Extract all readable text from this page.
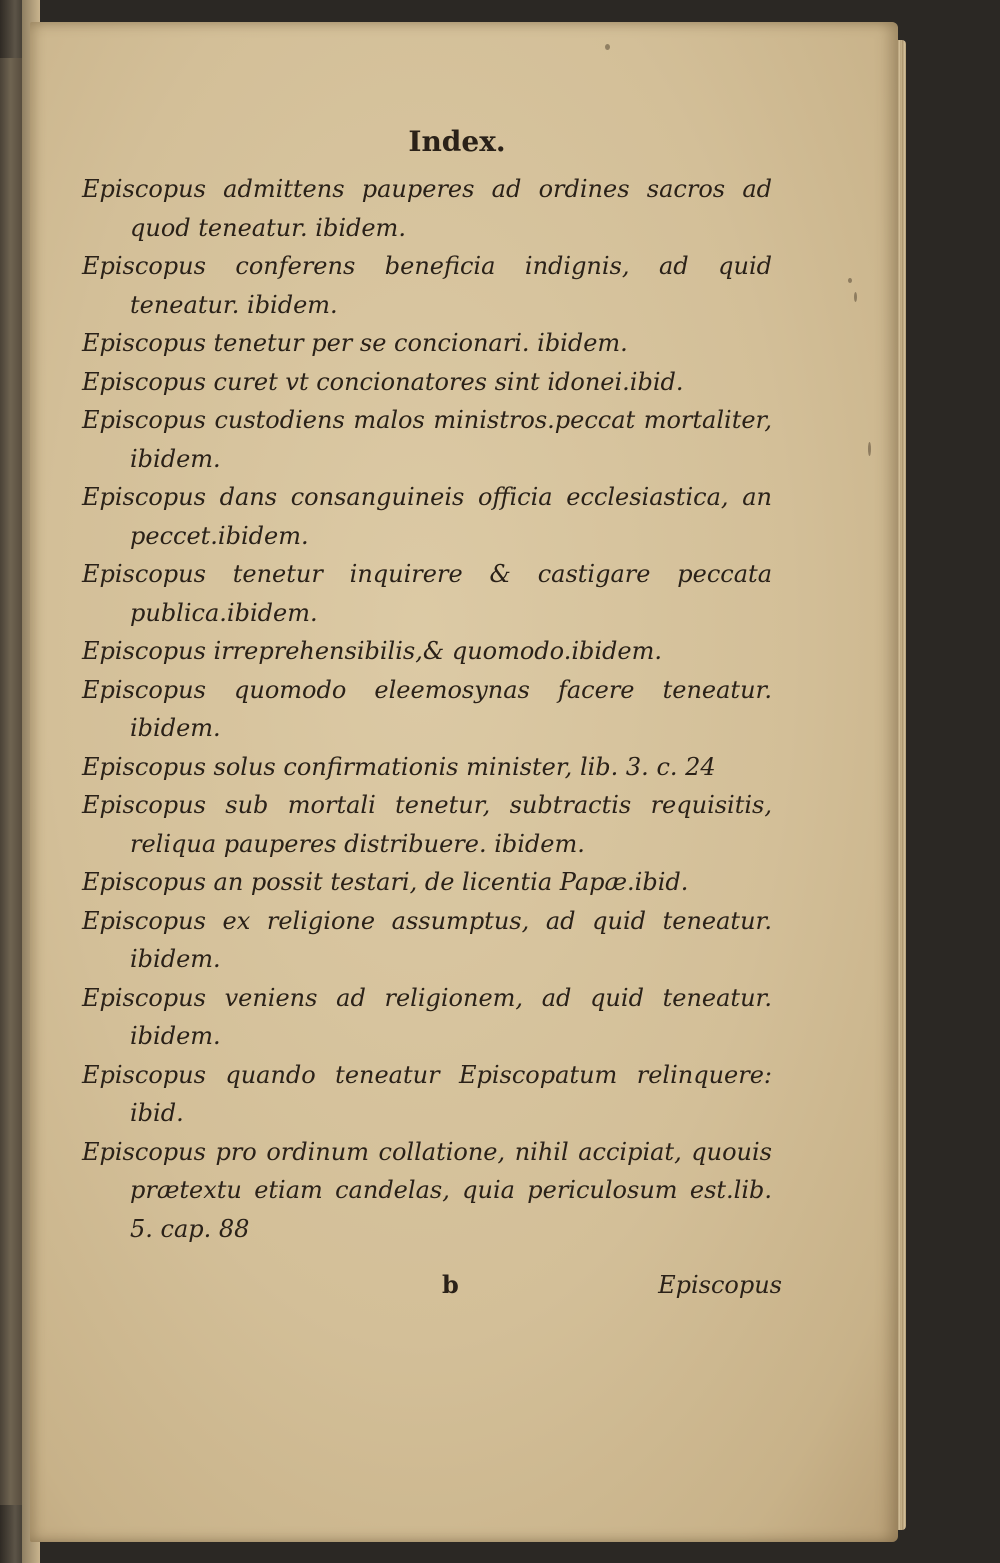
Index.
Episcopus admittens pauperes ad ordines sacros ad quod teneatur. ibidem.
Episcopus conferens beneficia indignis, ad quid teneatur. ibidem.
Episcopus tenetur per se concionari. ibidem.
Episcopus curet vt concionatores sint idonei.ibid.
Episcopus custodiens malos ministros.peccat mortaliter, ibidem.
Episcopus dans consanguineis officia ecclesiastica, an peccet.ibidem.
Episcopus tenetur inquirere & castigare peccata publica.ibidem.
Episcopus irreprehensibilis,& quomodo.ibidem.
Episcopus quomodo eleemosynas facere teneatur. ibidem.
Episcopus solus confirmationis minister, lib. 3. c. 24
Episcopus sub mortali tenetur, subtractis requisitis, reliqua pauperes distribuere. ibidem.
Episcopus an possit testari, de licentia Papæ.ibid.
Episcopus ex religione assumptus, ad quid teneatur. ibidem.
Episcopus veniens ad religionem, ad quid teneatur. ibidem.
Episcopus quando teneatur Episcopatum relinquere: ibid.
Episcopus pro ordinum collatione, nihil accipiat, quouis prætextu etiam candelas, quia periculosum est.lib. 5. cap. 88
b	Episcopus
